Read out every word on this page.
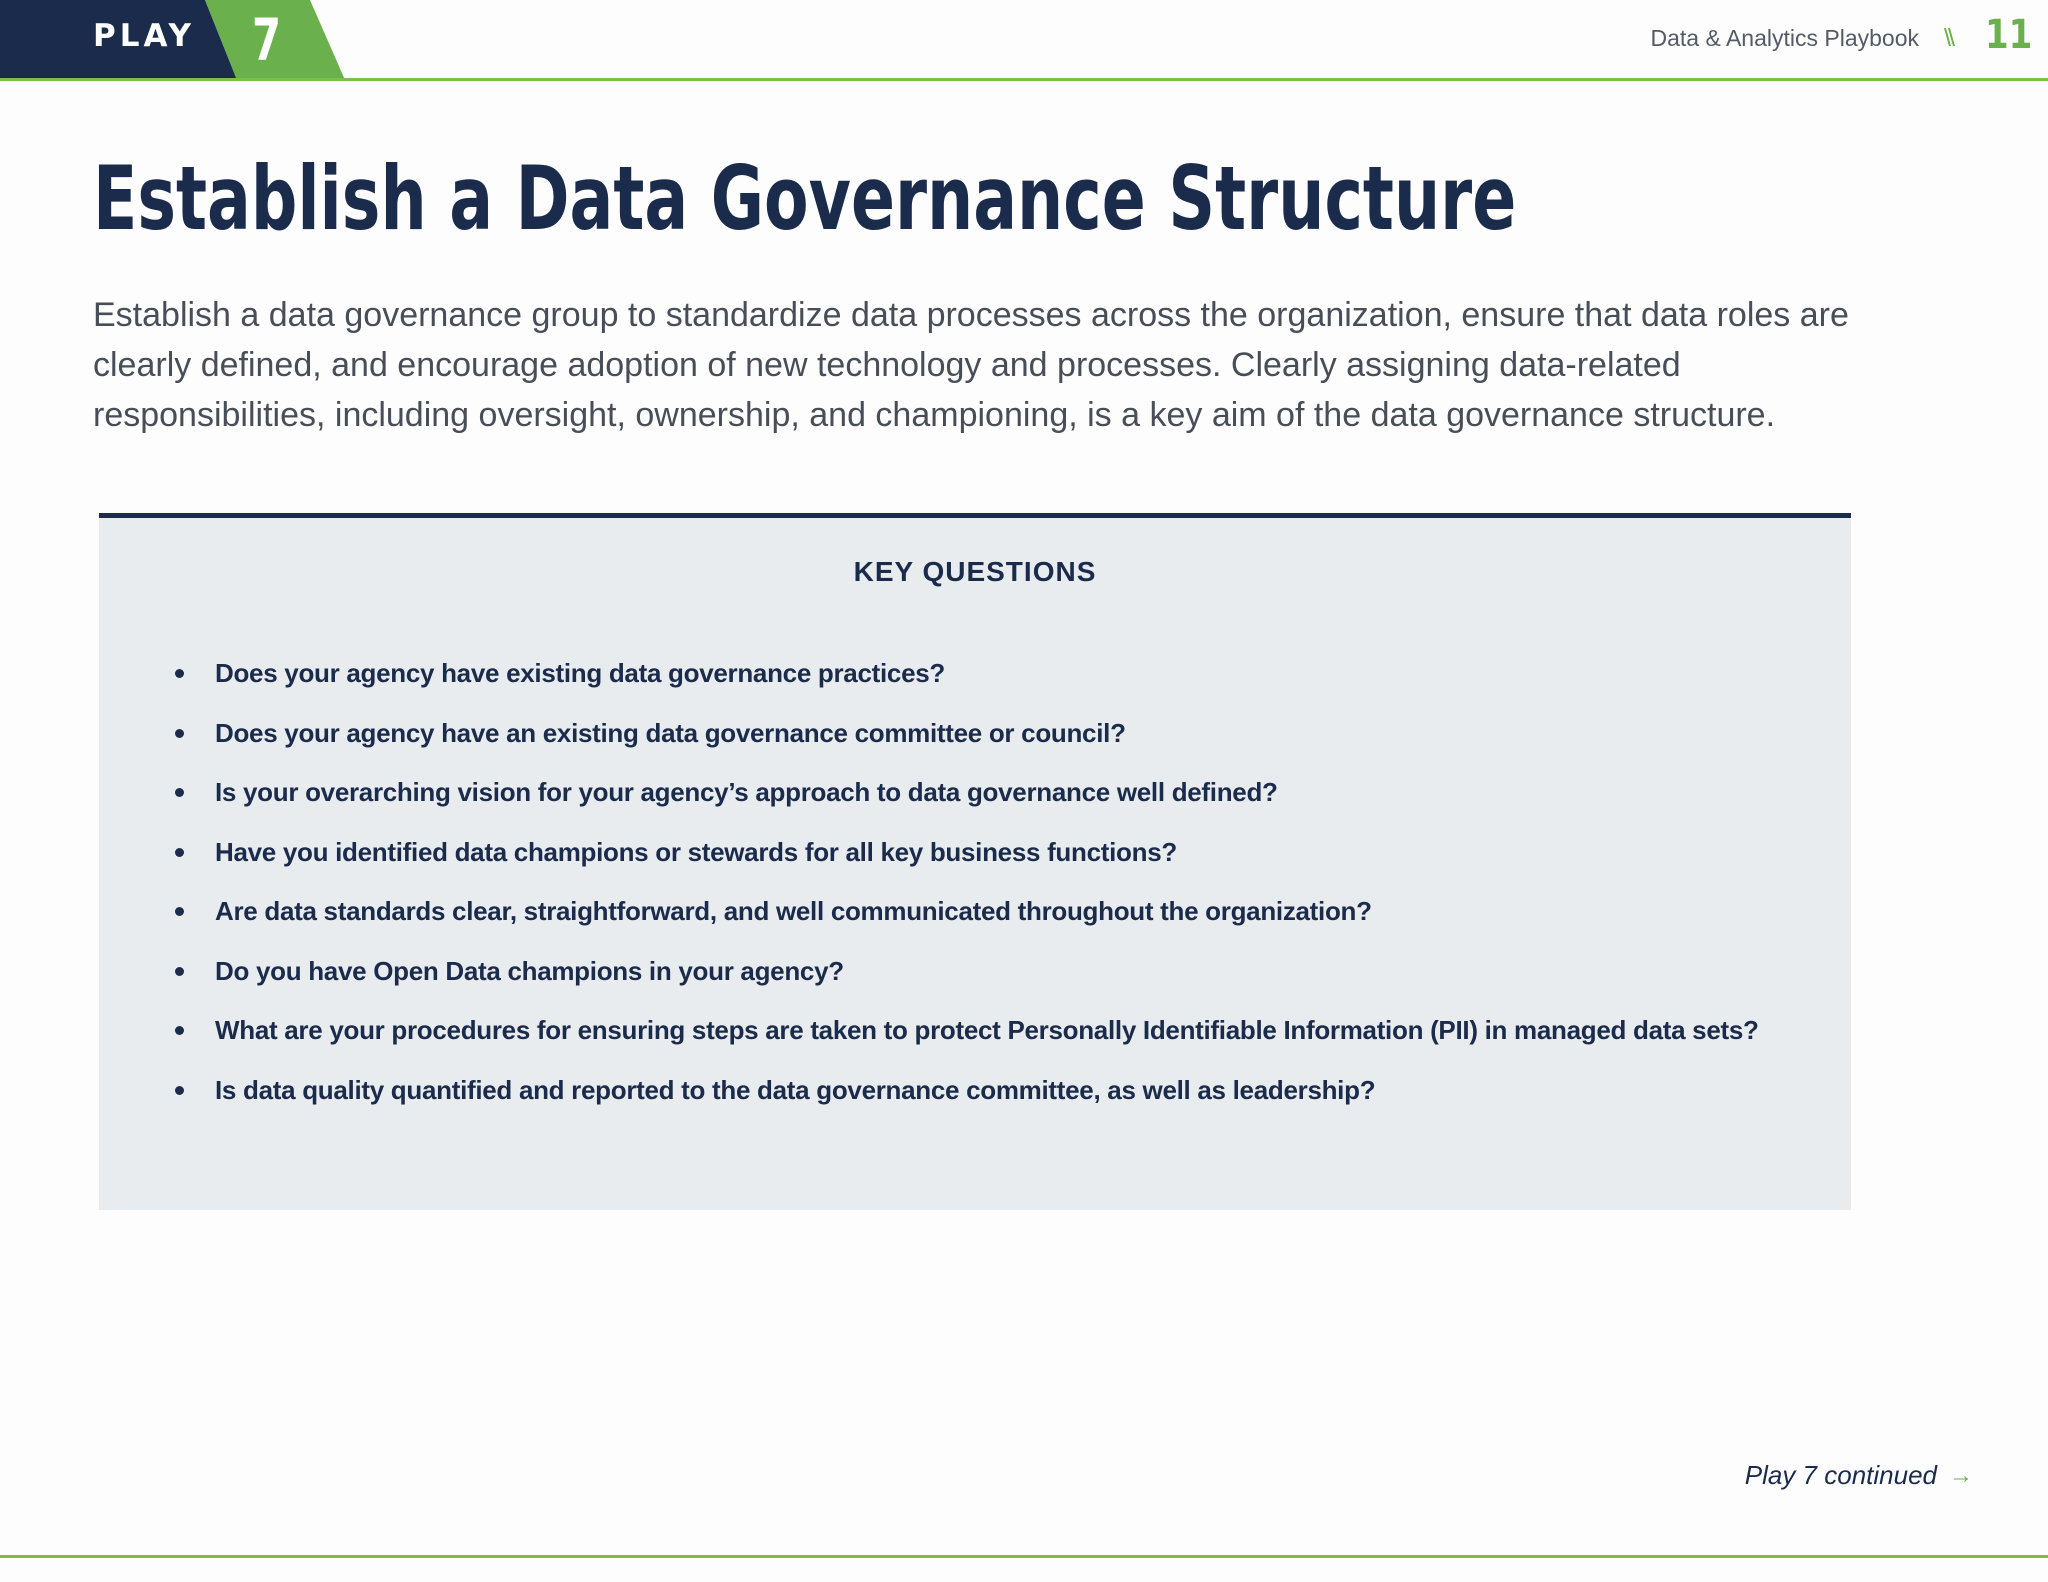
PLAY 7	Data & Analytics Playbook \\ 11
Establish a Data Governance Structure

Establish a data governance group to standardize data processes across the organization, ensure that data roles are clearly defined, and encourage adoption of new technology and processes. Clearly assigning data-related responsibilities, including oversight, ownership, and championing, is a key aim of the data governance structure.

KEY QUESTIONS
Does your agency have existing data governance practices?
Does your agency have an existing data governance committee or council?
Is your overarching vision for your agency’s approach to data governance well defined?
Have you identified data champions or stewards for all key business functions?
Are data standards clear, straightforward, and well communicated throughout the organization?
Do you have Open Data champions in your agency?
What are your procedures for ensuring steps are taken to protect Personally Identifiable Information (PII) in managed data sets?
Is data quality quantified and reported to the data governance committee, as well as leadership?
Play 7 continued →
